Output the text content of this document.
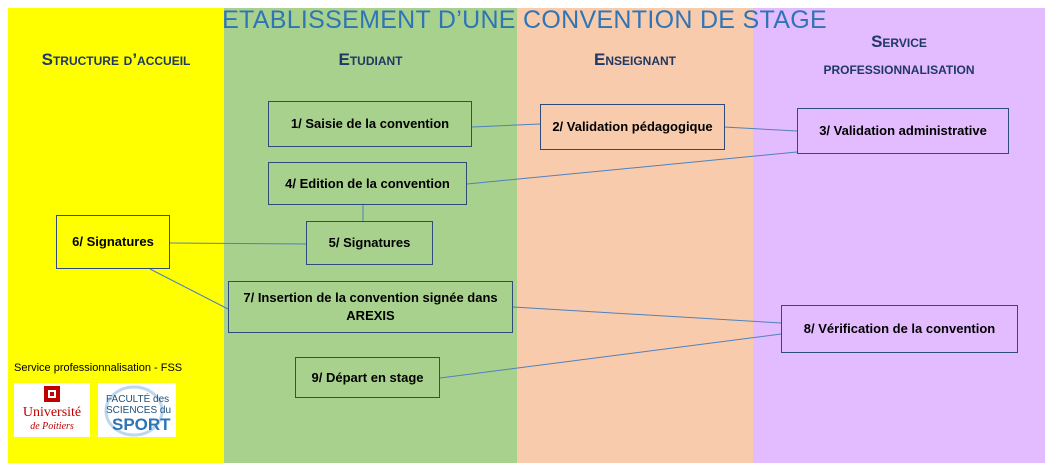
Structure d’accueil	Etudiant	Enseignant
Service
professionnalisation
ETABLISSEMENT D’UNE CONVENTION DE STAGE
1/ Saisie de la convention	2/ Validation pédagogique	3/ Validation administrative
4/ Edition de la convention
5/ Signatures
6/ Signatures
7/ Insertion de la convention signée dans
AREXIS
8/ Vérification de la convention
9/ Départ en stage
Service professionnalisation - FSS
Université
de Poitiers
FACULTÉ des
SCIENCES du
SPORT
